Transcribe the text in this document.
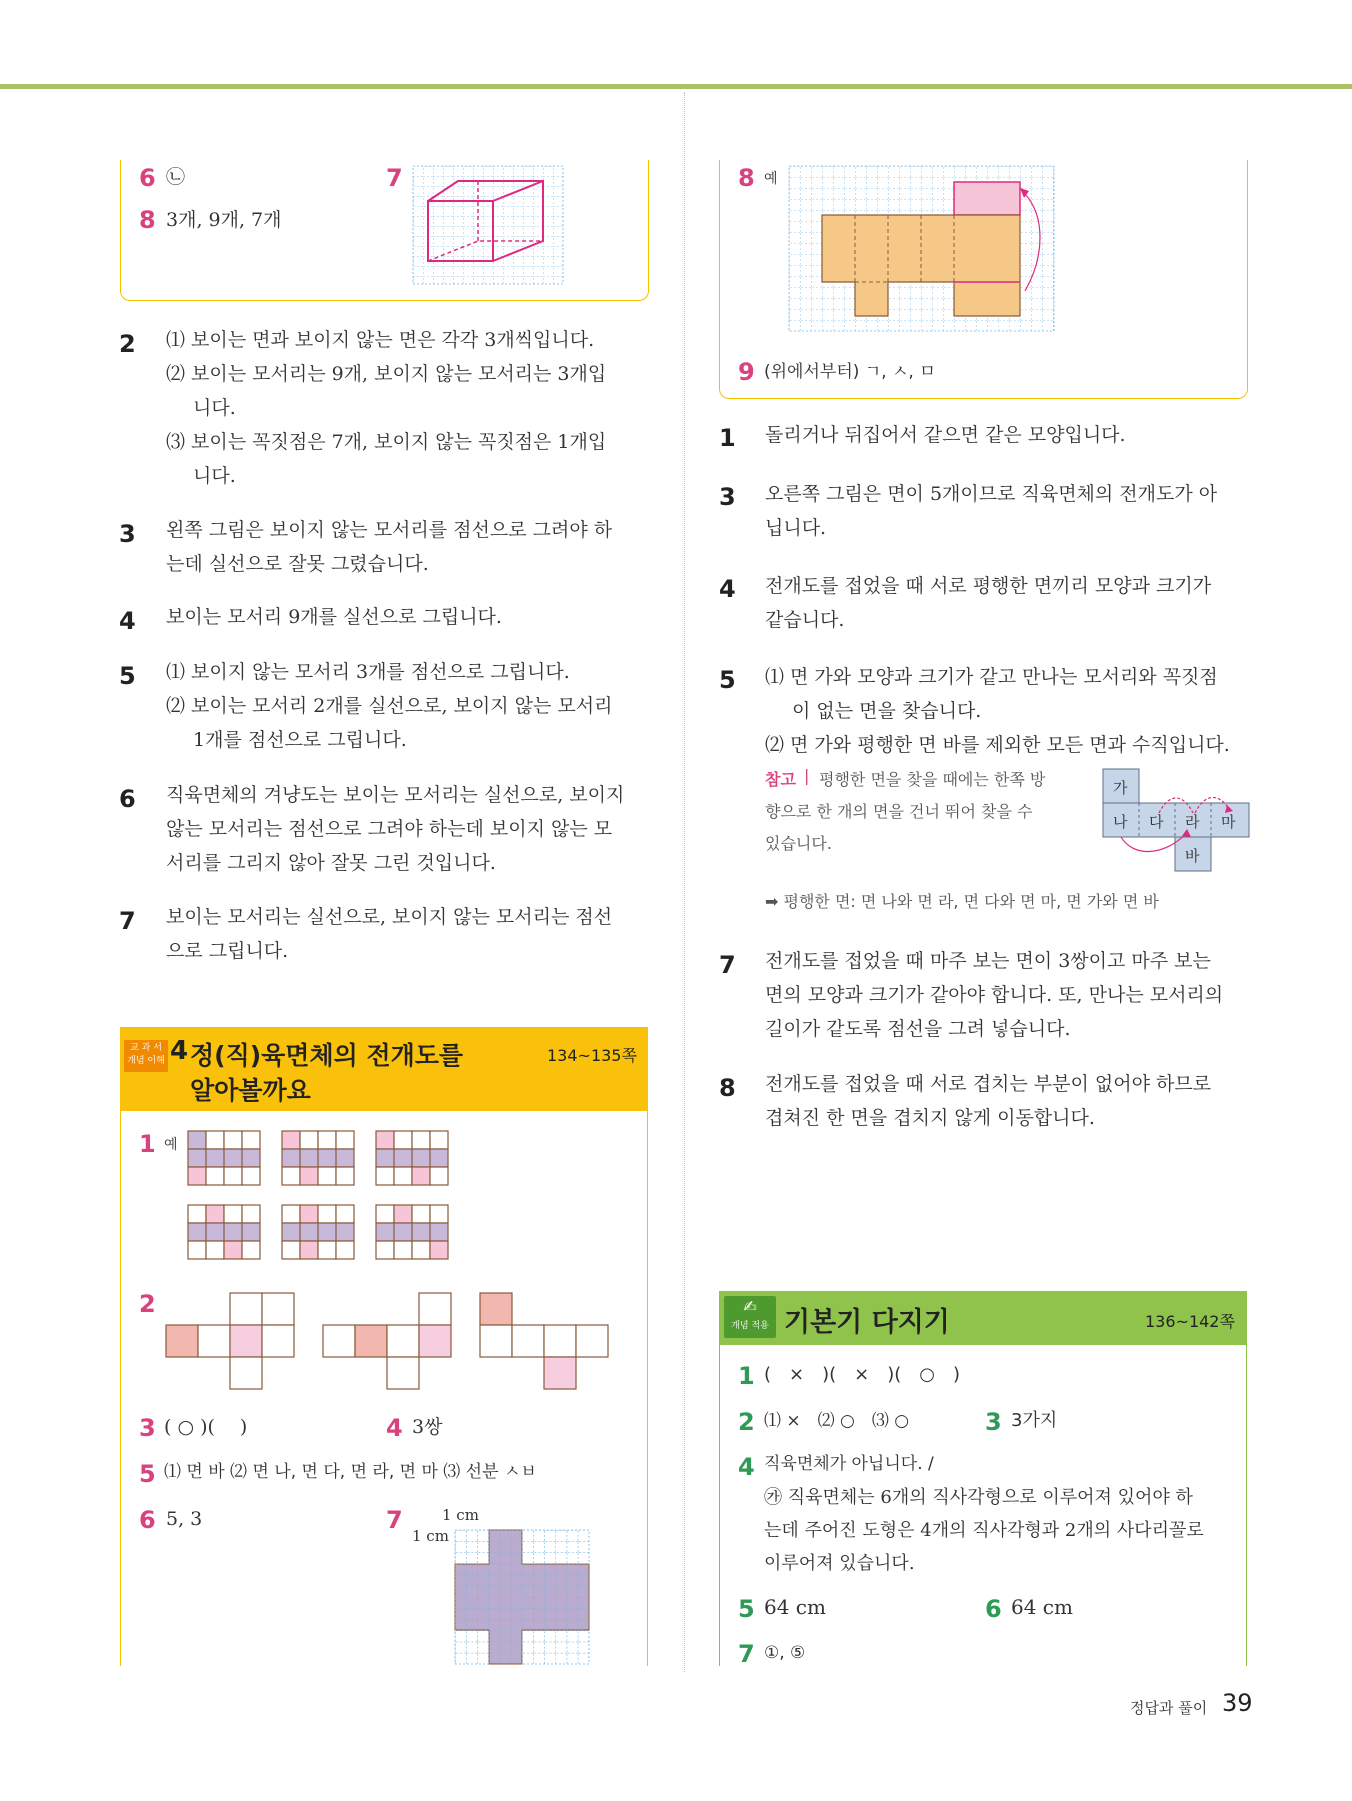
6 ㉡
8 3개, 9개, 7개
7
2 ⑴ 보이는 면과 보이지 않는 면은 각각 3개씩입니다.
⑵ 보이는 모서리는 9개, 보이지 않는 모서리는 3개입
니다.
⑶ 보이는 꼭짓점은 7개, 보이지 않는 꼭짓점은 1개입
니다.
3 왼쪽 그림은 보이지 않는 모서리를 점선으로 그려야 하
는데 실선으로 잘못 그렸습니다.
4 보이는 모서리 9개를 실선으로 그립니다.
5 ⑴ 보이지 않는 모서리 3개를 점선으로 그립니다.
⑵ 보이는 모서리 2개를 실선으로, 보이지 않는 모서리
1개를 점선으로 그립니다.
6 직육면체의 겨냥도는 보이는 모서리는 실선으로, 보이지
않는 모서리는 점선으로 그려야 하는데 보이지 않는 모
서리를 그리지 않아 잘못 그린 것입니다.
7 보이는 모서리는 실선으로, 보이지 않는 모서리는 점선
으로 그립니다.
교 과 서
개념 이해 4 정(직)육면체의 전개도를
알아볼까요
134~135쪽
1 예
2
3 ( ○ )(　 )	4 3쌍
5 ⑴ 면 바 ⑵ 면 나, 면 다, 면 라, 면 마 ⑶ 선분 ㅅㅂ
6 5, 3	7	1 cm
1 cm
8 예
9 (위에서부터) ㄱ, ㅅ, ㅁ
1 돌리거나 뒤집어서 같으면 같은 모양입니다.
3 오른쪽 그림은 면이 5개이므로 직육면체의 전개도가 아
닙니다.
4 전개도를 접었을 때 서로 평행한 면끼리 모양과 크기가
같습니다.
5 ⑴ 면 가와 모양과 크기가 같고 만나는 모서리와 꼭짓점
이 없는 면을 찾습니다.
⑵ 면 가와 평행한 면 바를 제외한 모든 면과 수직입니다.
참고 | 평행한 면을 찾을 때에는 한쪽 방
향으로 한 개의 면을 건너 뛰어 찾을 수
있습니다.
가
나 다 라 마
바
➡ 평행한 면: 면 나와 면 라, 면 다와 면 마, 면 가와 면 바
7 전개도를 접었을 때 마주 보는 면이 3쌍이고 마주 보는
면의 모양과 크기가 같아야 합니다. 또, 만나는 모서리의
길이가 같도록 점선을 그려 넣습니다.
8 전개도를 접었을 때 서로 겹치는 부분이 없어야 하므로
겹쳐진 한 면을 겹치지 않게 이동합니다.
✍
개념 적용 기본기 다지기	136~142쪽
1 (　×　)(　×　)(　○　)
2 ⑴ ×　⑵ ○　⑶ ○	3 3가지
4 직육면체가 아닙니다. /
㉮ 직육면체는 6개의 직사각형으로 이루어져 있어야 하
는데 주어진 도형은 4개의 직사각형과 2개의 사다리꼴로
이루어져 있습니다.
5 64 cm	6 64 cm
7 ①, ⑤
정답과 풀이 39
